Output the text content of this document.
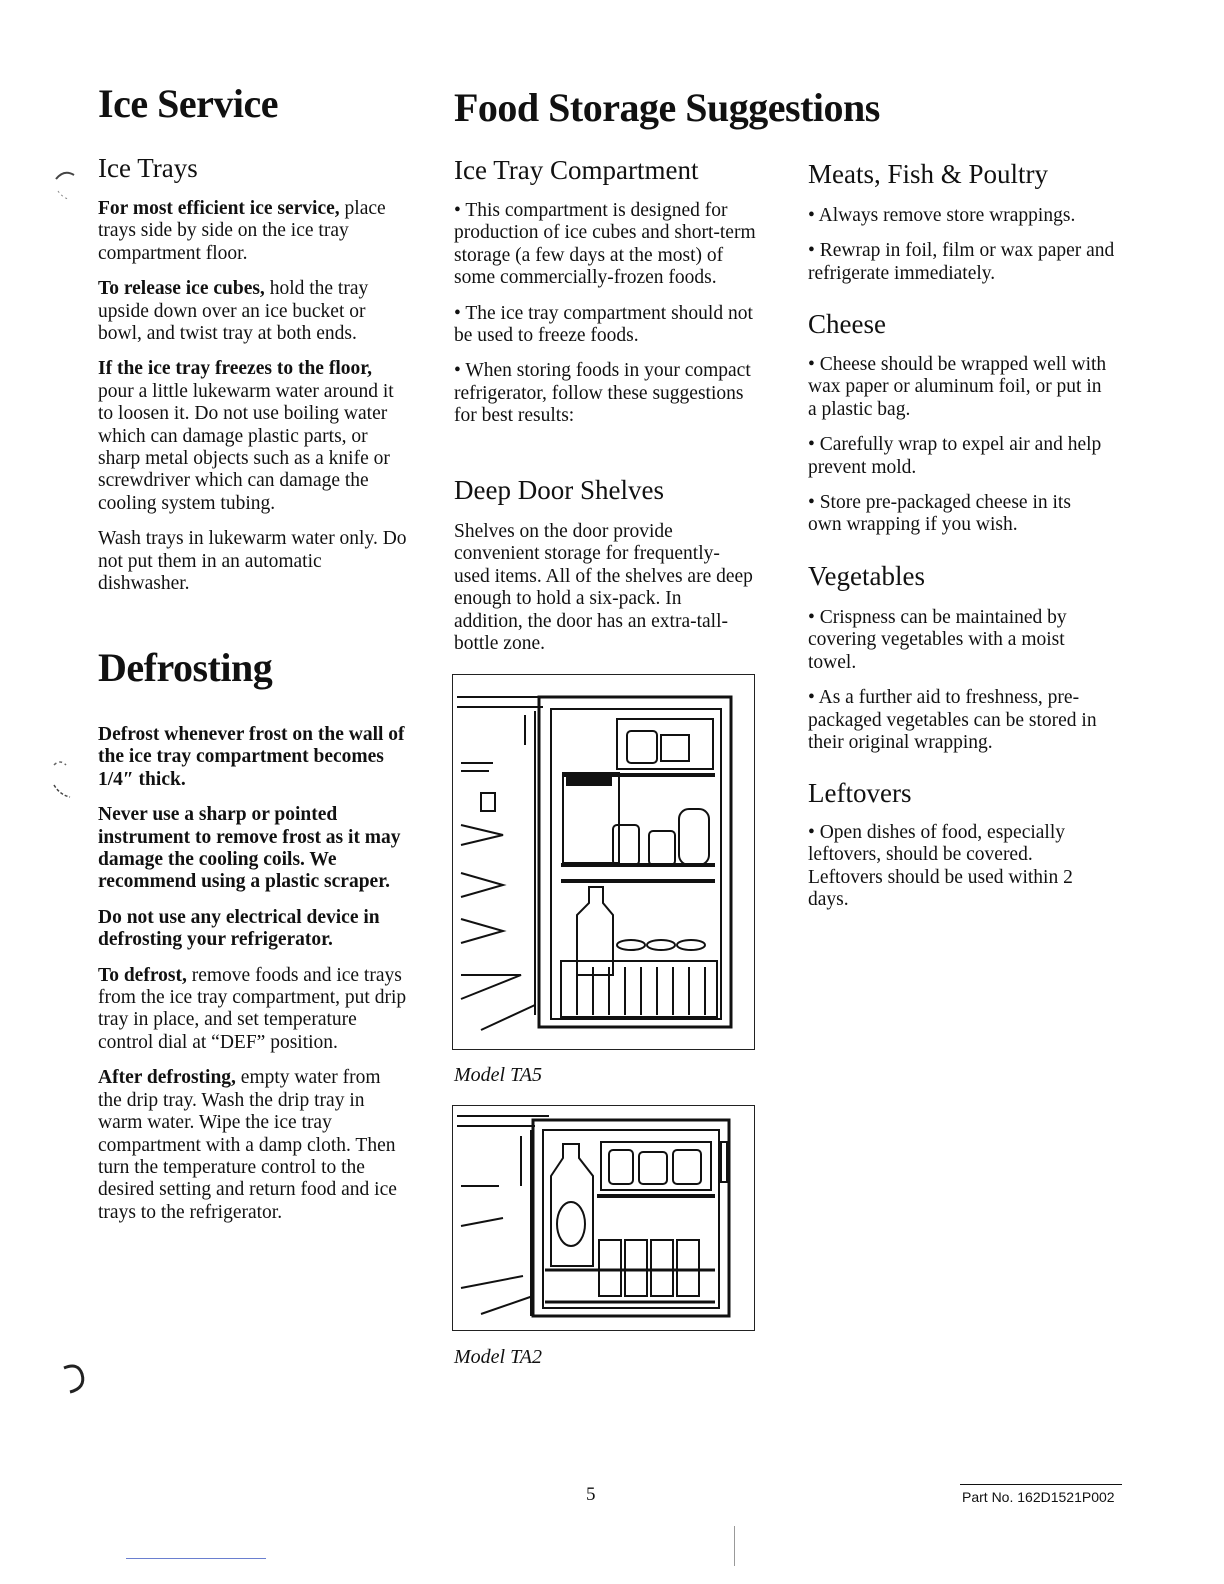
Ice Service
Ice Trays

For most efficient ice service, place trays side by side on the ice tray compartment floor.

To release ice cubes, hold the tray upside down over an ice bucket or bowl, and twist tray at both ends.

If the ice tray freezes to the floor, pour a little lukewarm water around it to loosen it. Do not use boiling water which can damage plastic parts, or sharp metal objects such as a knife or screwdriver which can damage the cooling system tubing.

Wash trays in lukewarm water only. Do not put them in an automatic dishwasher.

Defrosting

Defrost whenever frost on the wall of the ice tray compartment becomes 1/4″ thick.

Never use a sharp or pointed instrument to remove frost as it may damage the cooling coils. We recommend using a plastic scraper.

Do not use any electrical device in defrosting your refrigerator.

To defrost, remove foods and ice trays from the ice tray compartment, put drip tray in place, and set temperature control dial at “DEF” position.

After defrosting, empty water from the drip tray. Wash the drip tray in warm water. Wipe the ice tray compartment with a damp cloth. Then turn the temperature control to the desired setting and return food and ice trays to the refrigerator.

Food Storage Suggestions
Ice Tray Compartment

• This compartment is designed for production of ice cubes and short-term storage (a few days at the most) of some commercially-frozen foods.

• The ice tray compartment should not be used to freeze foods.

• When storing foods in your compact refrigerator, follow these suggestions for best results:

Deep Door Shelves

Shelves on the door provide convenient storage for frequently-used items. All of the shelves are deep enough to hold a six-pack. In addition, the door has an extra-tall-bottle zone.

Model TA5

Model TA2

Meats, Fish & Poultry

• Always remove store wrappings.

• Rewrap in foil, film or wax paper and refrigerate immediately.

Cheese

• Cheese should be wrapped well with wax paper or aluminum foil, or put in a plastic bag.

• Carefully wrap to expel air and help prevent mold.

• Store pre-packaged cheese in its own wrapping if you wish.

Vegetables

• Crispness can be maintained by covering vegetables with a moist towel.

• As a further aid to freshness, pre-packaged vegetables can be stored in their original wrapping.

Leftovers

• Open dishes of food, especially leftovers, should be covered. Leftovers should be used within 2 days.

5	Part No. 162D1521P002
